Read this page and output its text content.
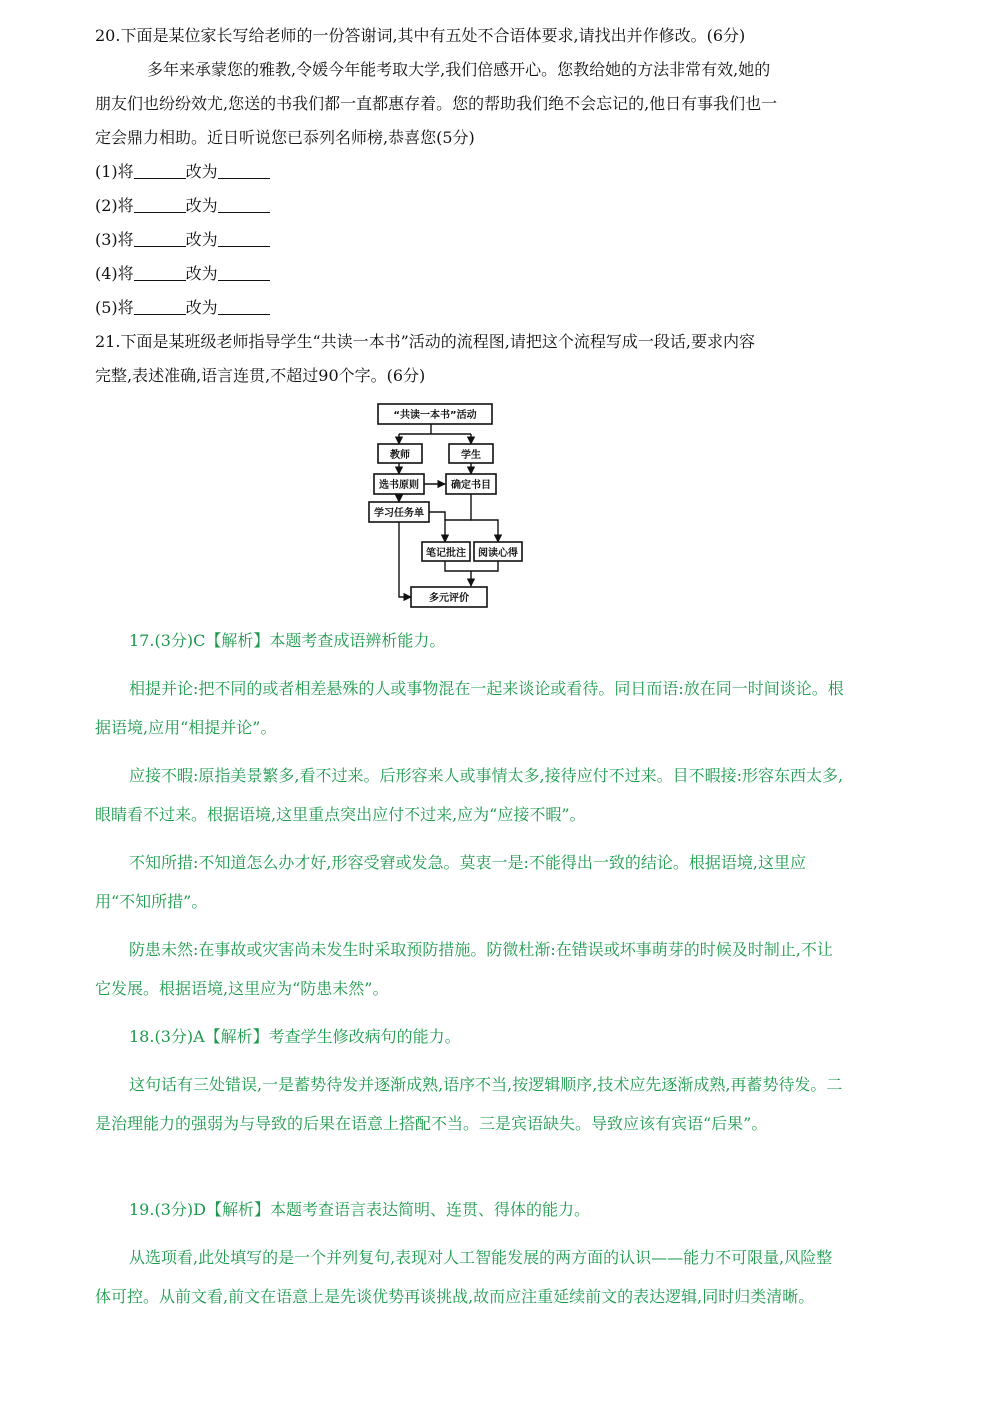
20.下面是某位家长写给老师的一份答谢词,其中有五处不合语体要求,请找出并作修改。(6分)

多年来承蒙您的雅教,令媛今年能考取大学,我们倍感开心。您教给她的方法非常有效,她的

朋友们也纷纷效尤,您送的书我们都一直都惠存着。您的帮助我们绝不会忘记的,他日有事我们也一

定会鼎力相助。近日听说您已忝列名师榜,恭喜您(5分)

(1)将	改为
(2)将	改为
(3)将	改为
(4)将	改为
(5)将	改为

21.下面是某班级老师指导学生“共读一本书”活动的流程图,请把这个流程写成一段话,要求内容

完整,表述准确,语言连贯,不超过90个字。(6分)

“共读一本书”活动
教师	学生
选书原则	确定书目
学习任务单
笔记批注 阅读心得
多元评价

17.(3分)C【解析】本题考查成语辨析能力。

相提并论:把不同的或者相差悬殊的人或事物混在一起来谈论或看待。同日而语:放在同一时间谈论。根据语境,应用“相提并论”。

应接不暇:原指美景繁多,看不过来。后形容来人或事情太多,接待应付不过来。目不暇接:形容东西太多,眼睛看不过来。根据语境,这里重点突出应付不过来,应为“应接不暇”。

不知所措:不知道怎么办才好,形容受窘或发急。莫衷一是:不能得出一致的结论。根据语境,这里应用“不知所措”。

防患未然:在事故或灾害尚未发生时采取预防措施。防微杜渐:在错误或坏事萌芽的时候及时制止,不让它发展。根据语境,这里应为“防患未然”。

18.(3分)A【解析】考查学生修改病句的能力。

这句话有三处错误,一是蓄势待发并逐渐成熟,语序不当,按逻辑顺序,技术应先逐渐成熟,再蓄势待发。二是治理能力的强弱为与导致的后果在语意上搭配不当。三是宾语缺失。导致应该有宾语“后果”。

19.(3分)D【解析】本题考查语言表达简明、连贯、得体的能力。

从选项看,此处填写的是一个并列复句,表现对人工智能发展的两方面的认识——能力不可限量,风险整体可控。从前文看,前文在语意上是先谈优势再谈挑战,故而应注重延续前文的表达逻辑,同时归类清晰。
